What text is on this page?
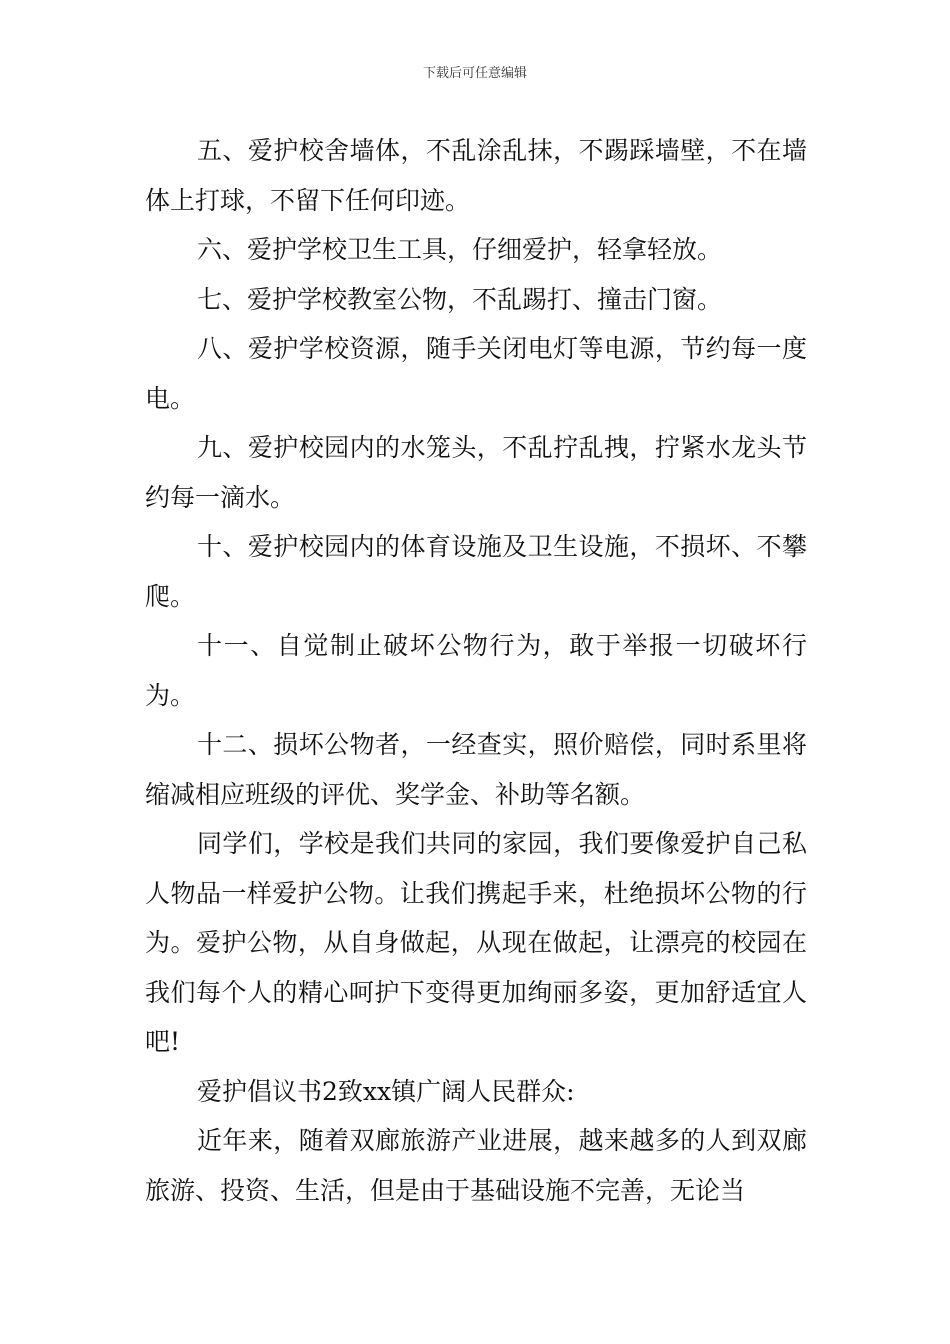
下载后可任意编辑

五、爱护校舍墙体，不乱涂乱抹，不踢踩墙壁，不在墙体上打球，不留下任何印迹。

六、爱护学校卫生工具，仔细爱护，轻拿轻放。

七、爱护学校教室公物，不乱踢打、撞击门窗。

八、爱护学校资源，随手关闭电灯等电源，节约每一度电。

九、爱护校园内的水笼头，不乱拧乱拽，拧紧水龙头节约每一滴水。

十、爱护校园内的体育设施及卫生设施，不损坏、不攀爬。

十一、自觉制止破坏公物行为，敢于举报一切破坏行为。

十二、损坏公物者，一经查实，照价赔偿，同时系里将缩减相应班级的评优、奖学金、补助等名额。

同学们，学校是我们共同的家园，我们要像爱护自己私人物品一样爱护公物。让我们携起手来，杜绝损坏公物的行为。爱护公物，从自身做起，从现在做起，让漂亮的校园在我们每个人的精心呵护下变得更加绚丽多姿，更加舒适宜人吧!

爱护倡议书2致xx镇广阔人民群众:

近年来，随着双廊旅游产业进展，越来越多的人到双廊旅游、投资、生活，但是由于基础设施不完善，无论当
